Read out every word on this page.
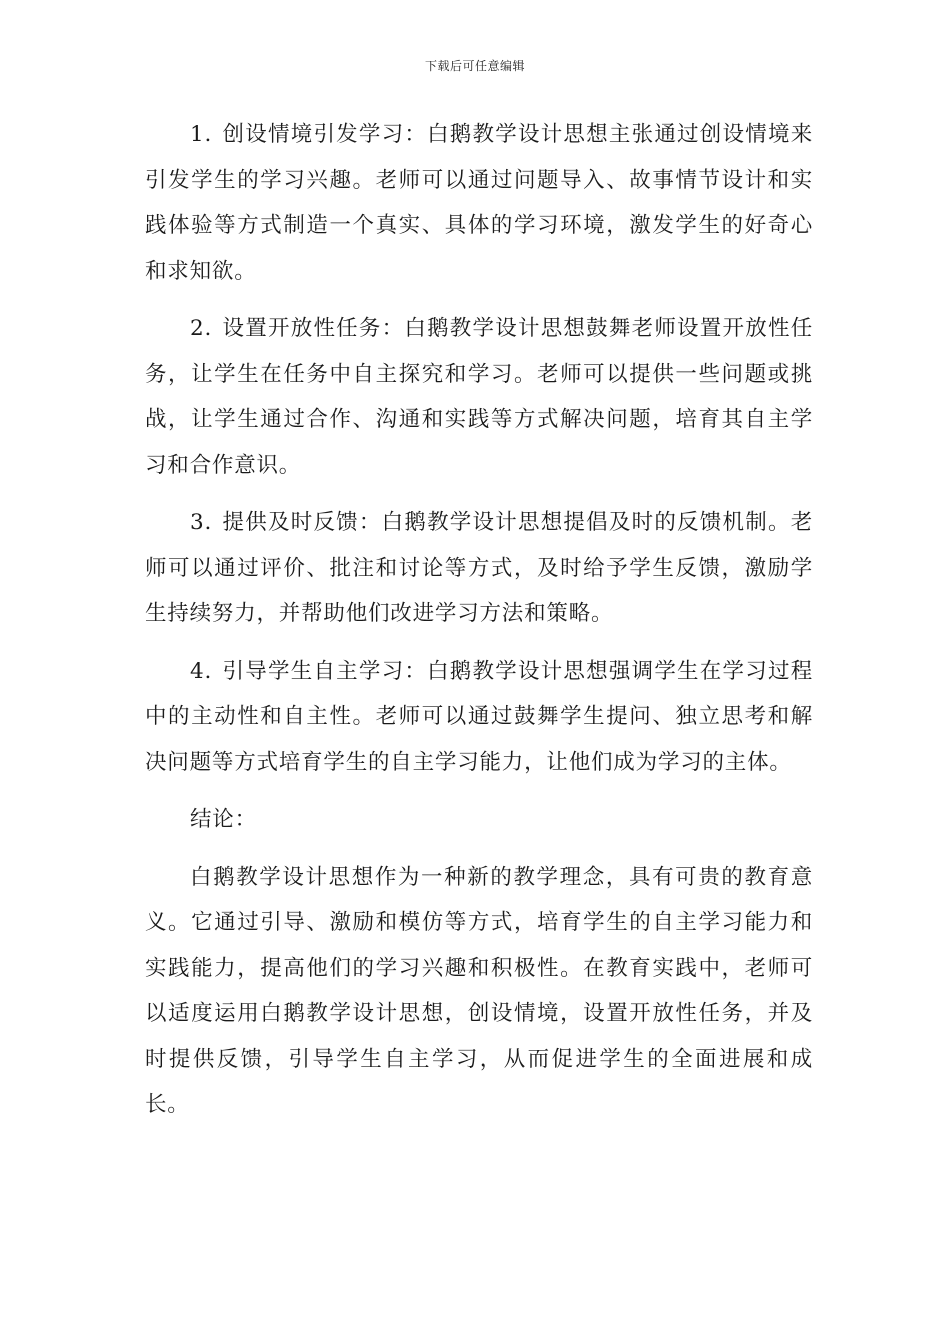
下载后可任意编辑

1. 创设情境引发学习：白鹅教学设计思想主张通过创设情境来引发学生的学习兴趣。老师可以通过问题导入、故事情节设计和实践体验等方式制造一个真实、具体的学习环境，激发学生的好奇心和求知欲。

2. 设置开放性任务：白鹅教学设计思想鼓舞老师设置开放性任务，让学生在任务中自主探究和学习。老师可以提供一些问题或挑战，让学生通过合作、沟通和实践等方式解决问题，培育其自主学习和合作意识。

3. 提供及时反馈：白鹅教学设计思想提倡及时的反馈机制。老师可以通过评价、批注和讨论等方式，及时给予学生反馈，激励学生持续努力，并帮助他们改进学习方法和策略。

4. 引导学生自主学习：白鹅教学设计思想强调学生在学习过程中的主动性和自主性。老师可以通过鼓舞学生提问、独立思考和解决问题等方式培育学生的自主学习能力，让他们成为学习的主体。

结论：

白鹅教学设计思想作为一种新的教学理念，具有可贵的教育意义。它通过引导、激励和模仿等方式，培育学生的自主学习能力和实践能力，提高他们的学习兴趣和积极性。在教育实践中，老师可以适度运用白鹅教学设计思想，创设情境，设置开放性任务，并及时提供反馈，引导学生自主学习，从而促进学生的全面进展和成长。
